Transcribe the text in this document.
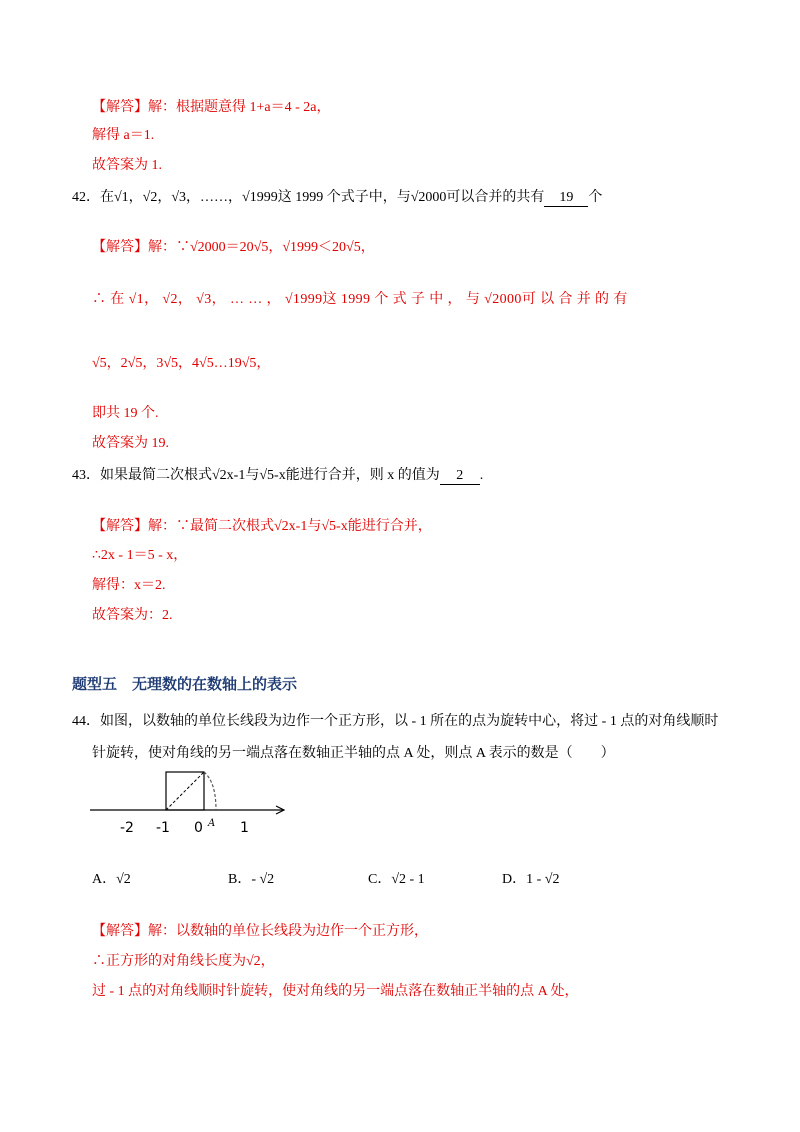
【解答】解：根据题意得 1+a＝4 - 2a，
解得 a＝1.
故答案为 1.
42．在√1，√2，√3，……，√1999这 1999 个式子中，与√2000可以合并的共有 19 个
【解答】解：∵√2000＝20√5，√1999＜20√5，
∴ 在 √1， √2， √3， … … ， √1999这 1999 个 式 子 中 ， 与 √2000可 以 合 并 的 有
√5，2√5，3√5，4√5…19√5，
即共 19 个.
故答案为 19.
43．如果最简二次根式√2x-1与√5-x能进行合并，则 x 的值为 2 .
【解答】解：∵最简二次根式√2x-1与√5-x能进行合并，
∴2x - 1＝5 - x，
解得：x＝2.
故答案为：2.
题型五　无理数的在数轴上的表示
44．如图，以数轴的单位长线段为边作一个正方形，以 - 1 所在的点为旋转中心，将过 - 1 点的对角线顺时
针旋转，使对角线的另一端点落在数轴正半轴的点 A 处，则点 A 表示的数是（　　）
-2 -1 0 A 1
A．√2	B．- √2	C．√2 - 1	D．1 - √2
【解答】解：以数轴的单位长线段为边作一个正方形，
∴正方形的对角线长度为√2，
过 - 1 点的对角线顺时针旋转，使对角线的另一端点落在数轴正半轴的点 A 处，
